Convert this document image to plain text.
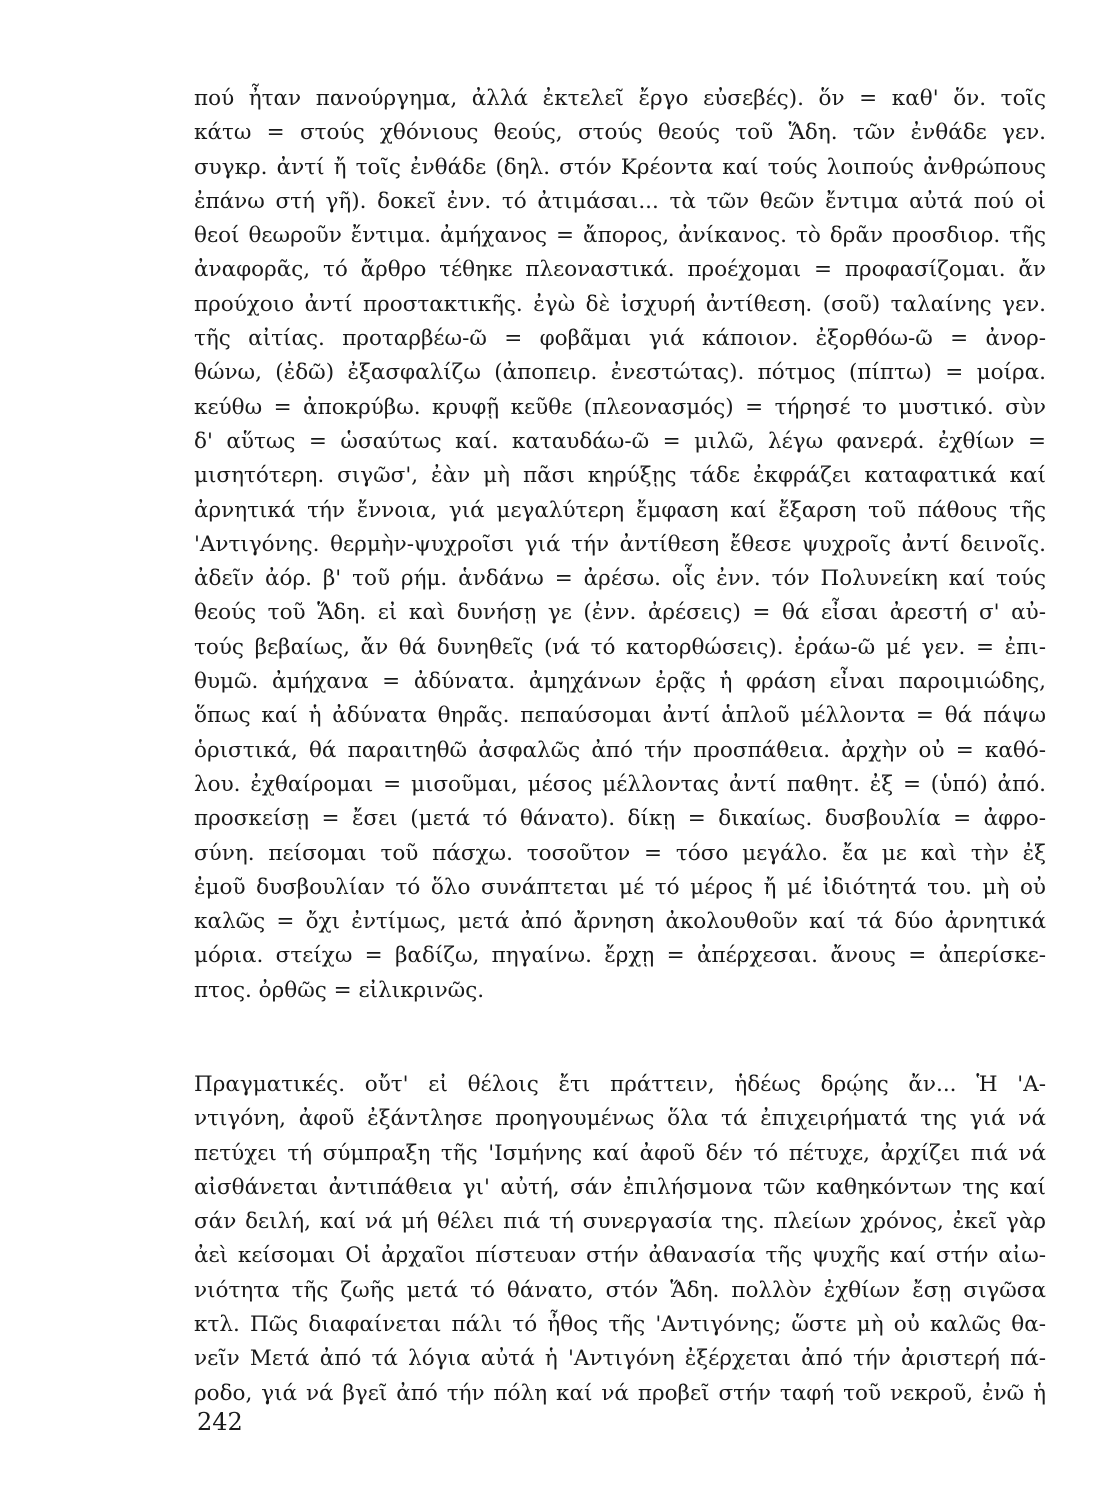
πού ἦταν πανούργημα, ἀλλά ἐκτελεῖ ἔργο εὐσεβές). ὅν = καθ' ὅν. τοῖς
κάτω = στούς χθόνιους θεούς, στούς θεούς τοῦ Ἅδη. τῶν ἐνθάδε γεν.
συγκρ. ἀντί ἤ τοῖς ἐνθάδε (δηλ. στόν Κρέοντα καί τούς λοιπούς ἀνθρώπους
ἐπάνω στή γῆ). δοκεῖ ἐνν. τό ἀτιμάσαι... τὰ τῶν θεῶν ἔντιμα αὐτά πού οἱ
θεοί θεωροῦν ἔντιμα. ἀμήχανος = ἄπορος, ἀνίκανος. τὸ δρᾶν προσδιορ. τῆς
ἀναφορᾶς, τό ἄρθρο τέθηκε πλεοναστικά. προέχομαι = προφασίζομαι. ἄν
πρoύχοιο ἀντί προστακτικῆς. ἐγὼ δὲ ἰσχυρή ἀντίθεση. (σοῦ) ταλαίνης γεν.
τῆς αἰτίας. προταρβέω-ῶ = φοβᾶμαι γιά κάποιον. ἐξορθόω-ῶ = ἀνορ-
θώνω, (ἐδῶ) ἐξασφαλίζω (ἀποπειρ. ἐνεστώτας). πότμος (πίπτω) = μοίρα.
κεύθω = ἀποκρύβω. κρυφῇ κεῦθε (πλεονασμός) = τήρησέ το μυστικό. σὺν
δ' αὕτως = ὡσαύτως καί. καταυδάω-ῶ = μιλῶ, λέγω φανερά. ἐχθίων =
μισητότερη. σιγῶσ', ἐὰν μὴ πᾶσι κηρύξῃς τάδε ἐκφράζει καταφατικά καί
ἀρνητικά τήν ἔννοια, γιά μεγαλύτερη ἔμφαση καί ἔξαρση τοῦ πάθους τῆς
'Αντιγόνης. θερμὴν-ψυχροῖσι γιά τήν ἀντίθεση ἔθεσε ψυχροῖς ἀντί δεινοῖς.
ἀδεῖν ἀόρ. β' τοῦ ρήμ. ἁνδάνω = ἀρέσω. οἷς ἐνν. τόν Πολυνείκη καί τούς
θεούς τοῦ Ἅδη. εἰ καὶ δυνήσῃ γε (ἐνν. ἀρέσεις) = θά εἶσαι ἀρεστή σ' αὐ-
τούς βεβαίως, ἄν θά δυνηθεῖς (νά τό κατορθώσεις). ἐράω-ῶ μέ γεν. = ἐπι-
θυμῶ. ἀμήχανα = ἀδύνατα. ἀμηχάνων ἐρᾷς ἡ φράση εἶναι παροιμιώδης,
ὅπως καί ἡ ἀδύνατα θηρᾶς. πεπαύσομαι ἀντί ἁπλοῦ μέλλοντα = θά πάψω
ὁριστικά, θά παραιτηθῶ ἀσφαλῶς ἀπό τήν προσπάθεια. ἀρχὴν οὐ = καθό-
λου. ἐχθαίρομαι = μισοῦμαι, μέσος μέλλοντας ἀντί παθητ. ἐξ = (ὑπό) ἀπό.
προσκείσῃ = ἔσει (μετά τό θάνατο). δίκῃ = δικαίως. δυσβουλία = ἀφρο-
σύνη. πείσομαι τοῦ πάσχω. τοσοῦτον = τόσο μεγάλο. ἔα με καὶ τὴν ἐξ
ἐμοῦ δυσβουλίαν τό ὅλο συνάπτεται μέ τό μέρος ἤ μέ ἰδιότητά του. μὴ οὐ
καλῶς = ὄχι ἐντίμως, μετά ἀπό ἄρνηση ἀκολουθοῦν καί τά δύο ἀρνητικά
μόρια. στείχω = βαδίζω, πηγαίνω. ἔρχῃ = ἀπέρχεσαι. ἄνους = ἀπερίσκε-
πτος. ὀρθῶς = εἰλικρινῶς.
Πραγματικές. οὔτ' εἰ θέλοις ἔτι πράττειν, ἡδέως δρῴης ἄν... Ἡ 'Α-
ντιγόνη, ἀφοῦ ἐξάντλησε προηγουμένως ὅλα τά ἐπιχειρήματά της γιά νά
πετύχει τή σύμπραξη τῆς 'Ισμήνης καί ἀφοῦ δέν τό πέτυχε, ἀρχίζει πιά νά
αἰσθάνεται ἀντιπάθεια γι' αὐτή, σάν ἐπιλήσμονα τῶν καθηκόντων της καί
σάν δειλή, καί νά μή θέλει πιά τή συνεργασία της. πλείων χρόνος, ἐκεῖ γὰρ
ἀεὶ κείσομαι Οἱ ἀρχαῖοι πίστευαν στήν ἀθανασία τῆς ψυχῆς καί στήν αἰω-
νιότητα τῆς ζωῆς μετά τό θάνατο, στόν Ἅδη. πολλὸν ἐχθίων ἔσῃ σιγῶσα
κτλ. Πῶς διαφαίνεται πάλι τό ἦθος τῆς 'Αντιγόνης; ὥστε μὴ οὐ καλῶς θα-
νεῖν Μετά ἀπό τά λόγια αὐτά ἡ 'Αντιγόνη ἐξέρχεται ἀπό τήν ἀριστερή πά-
ροδο, γιά νά βγεῖ ἀπό τήν πόλη καί νά προβεῖ στήν ταφή τοῦ νεκροῦ, ἐνῶ ἡ
242
